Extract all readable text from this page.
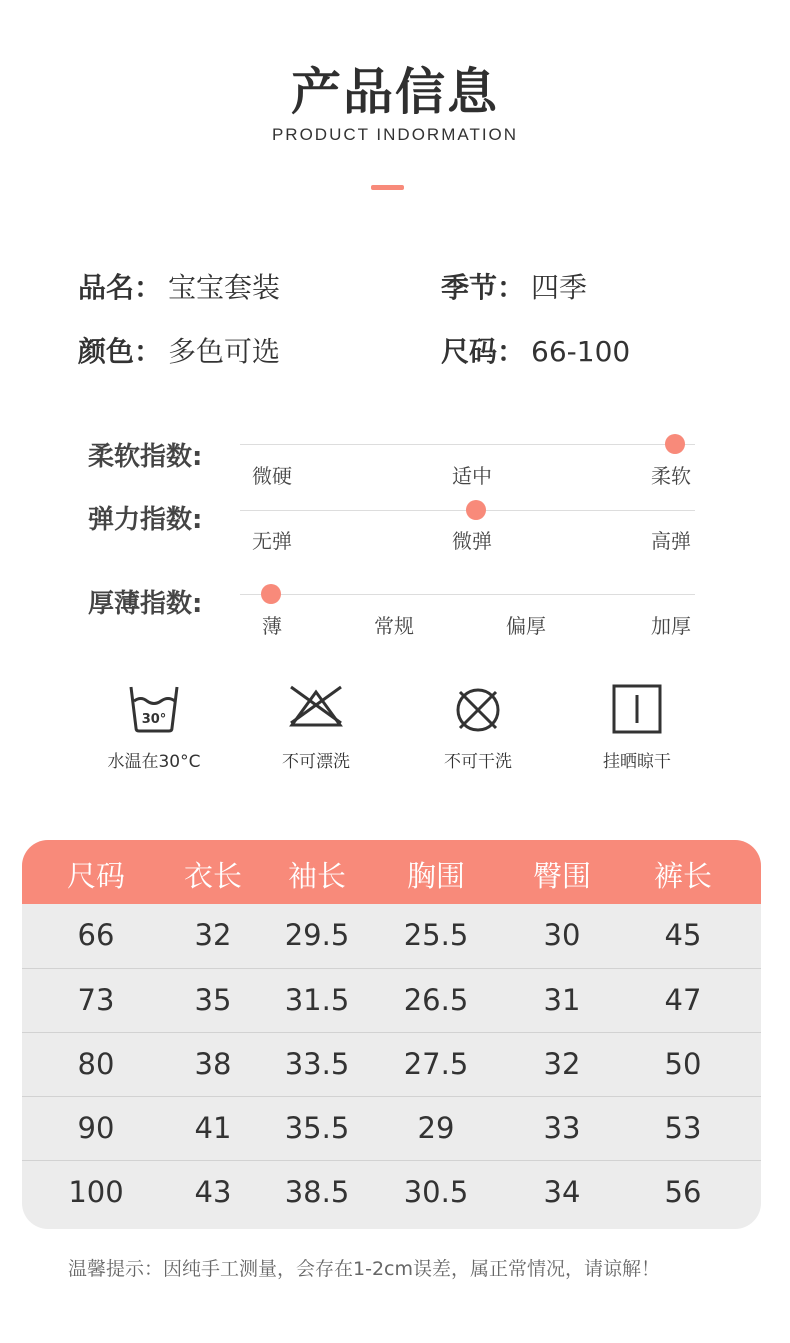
产品信息
PRODUCT INDORMATION
品名： 宝宝套装	季节： 四季
颜色： 多色可选	尺码： 66-100
柔软指数:
微硬	适中	柔软
弹力指数:
无弹	微弹	高弹
厚薄指数:
薄	常规	偏厚	加厚
30°
水温在30°C	不可漂洗	不可干洗	挂晒晾干
尺码	衣长	袖长	胸围	臀围	裤长
66	32	29.5	25.5	30	45
73	35	31.5	26.5	31	47
80	38	33.5	27.5	32	50
90	41	35.5	29	33	53
100	43	38.5	30.5	34	56
温馨提示：因纯手工测量，会存在1-2cm误差，属正常情况，请谅解！
